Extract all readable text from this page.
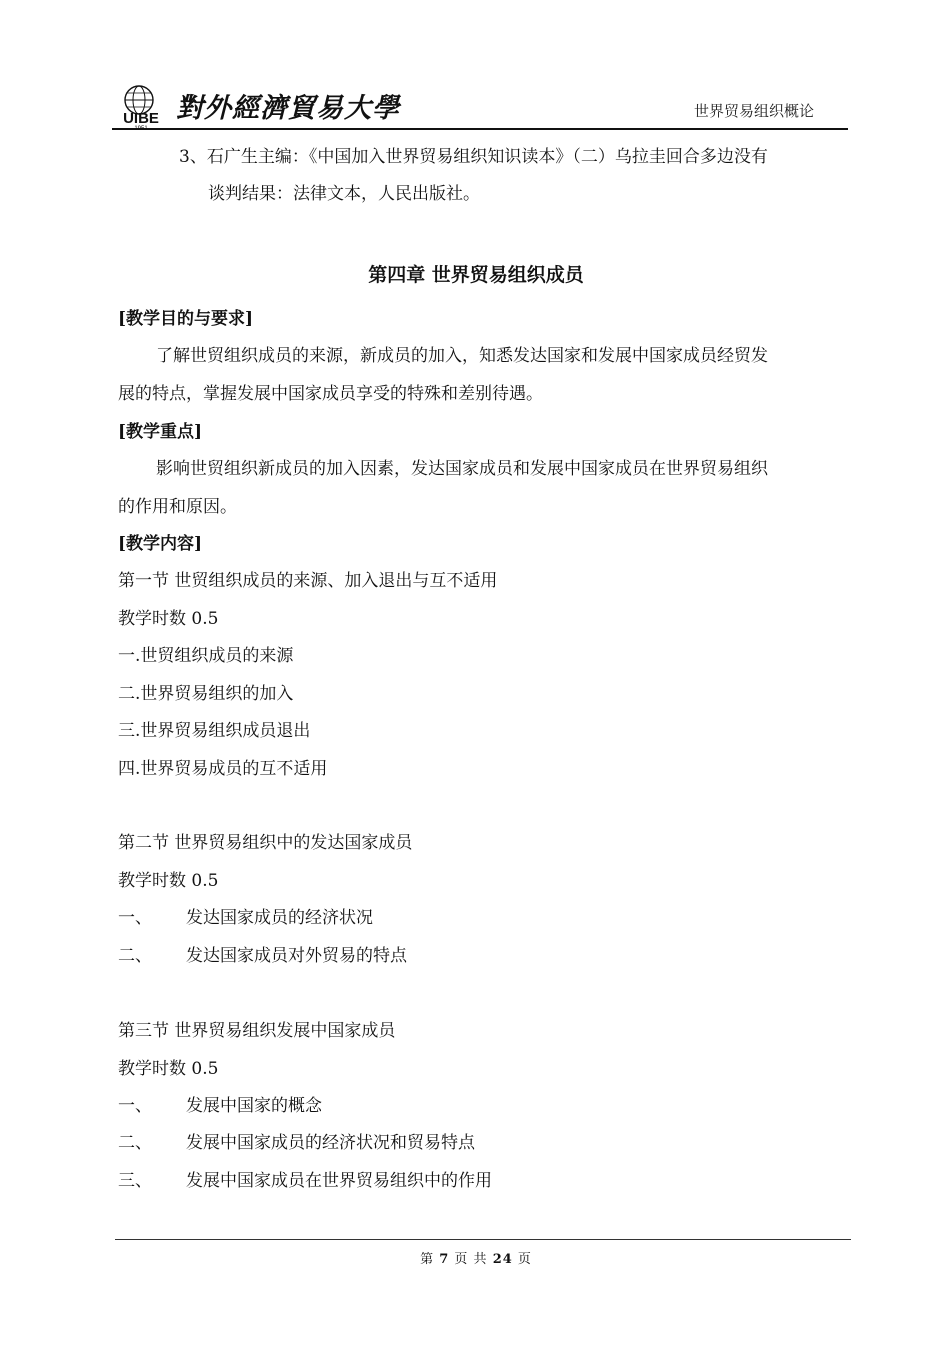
UIBE
1951
對外經濟貿易大學	世界贸易组织概论
3、石广生主编：《中国加入世界贸易组织知识读本》（二）乌拉圭回合多边没有
谈判结果：法律文本，人民出版社。
第四章 世界贸易组织成员
[教学目的与要求]
了解世贸组织成员的来源，新成员的加入，知悉发达国家和发展中国家成员经贸发
展的特点，掌握发展中国家成员享受的特殊和差别待遇。
[教学重点]
影响世贸组织新成员的加入因素，发达国家成员和发展中国家成员在世界贸易组织
的作用和原因。
[教学内容]
第一节 世贸组织成员的来源、加入退出与互不适用
教学时数 0.5
一.世贸组织成员的来源
二.世界贸易组织的加入
三.世界贸易组织成员退出
四.世界贸易成员的互不适用
第二节 世界贸易组织中的发达国家成员
教学时数 0.5
一、 发达国家成员的经济状况
二、 发达国家成员对外贸易的特点
第三节 世界贸易组织发展中国家成员
教学时数 0.5
一、 发展中国家的概念
二、 发展中国家成员的经济状况和贸易特点
三、 发展中国家成员在世界贸易组织中的作用
第 7 页 共 24 页
